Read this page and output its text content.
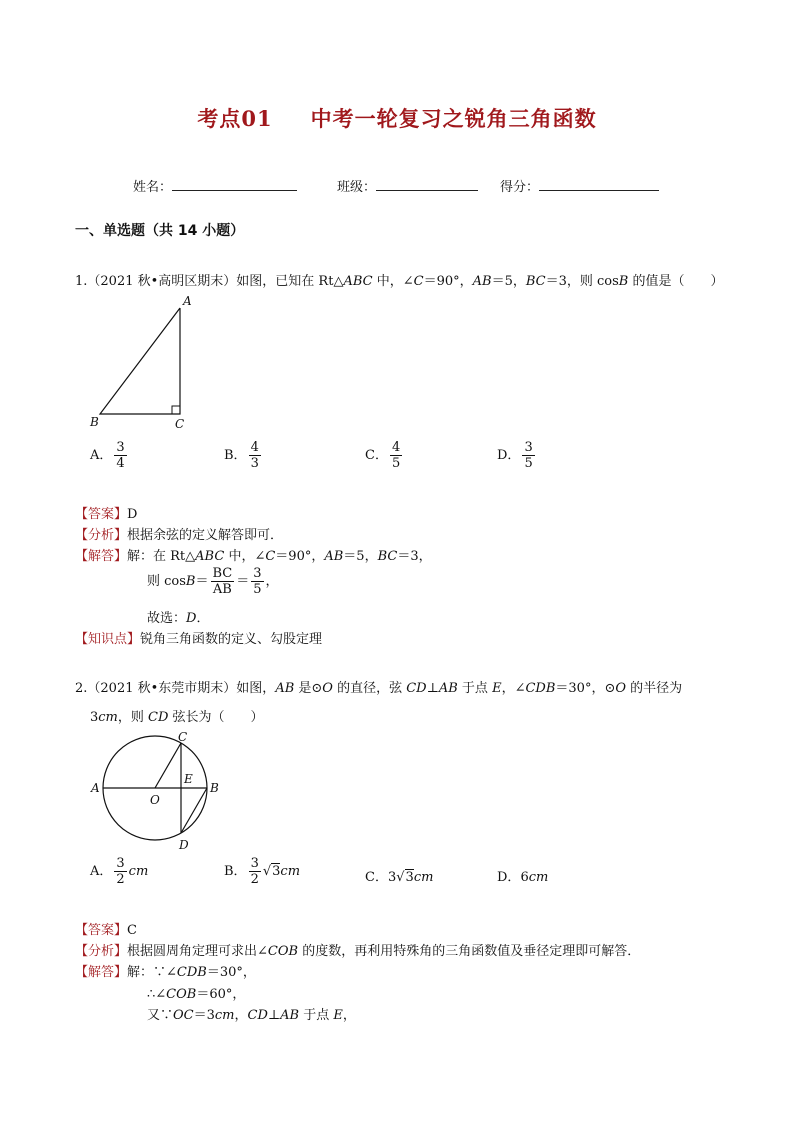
考点01 中考一轮复习之锐角三角函数
姓名：	班级：	得分：
一、单选题（共 14 小题）
1.（2021 秋•高明区期末）如图，已知在 Rt△ABC 中，∠C＝90°，AB＝5，BC＝3，则 cosB 的值是（　　）
A
B	C
A． $\frac{3}{4}$	B． $\frac{4}{3}$	C． $\frac{4}{5}$	D． $\frac{3}{5}$
【答案】D
【分析】根据余弦的定义解答即可．
【解答】解：在 Rt△ABC 中，∠C＝90°，AB＝5，BC＝3，
则 $\cos B= \frac{BC}{AB} = \frac{3}{5}$ ，
故选：D．
【知识点】锐角三角函数的定义、勾股定理
2.（2021 秋•东莞市期末）如图，AB 是⊙O 的直径，弦 CD⊥AB 于点 E，∠CDB＝30°，⊙O 的半径为
3cm，则 CD 弦长为（　　）
C
A	B
E
O
D
A． $\frac{3}{2}$ cm	B． $\frac{3}{2} √3cm$	C．3√3cm	D．6cm
【答案】C
【分析】根据圆周角定理可求出∠COB 的度数，再利用特殊角的三角函数值及垂径定理即可解答．
【解答】解：∵∠CDB＝30°，
∴∠COB＝60°，
又∵OC＝3cm，CD⊥AB 于点 E，
